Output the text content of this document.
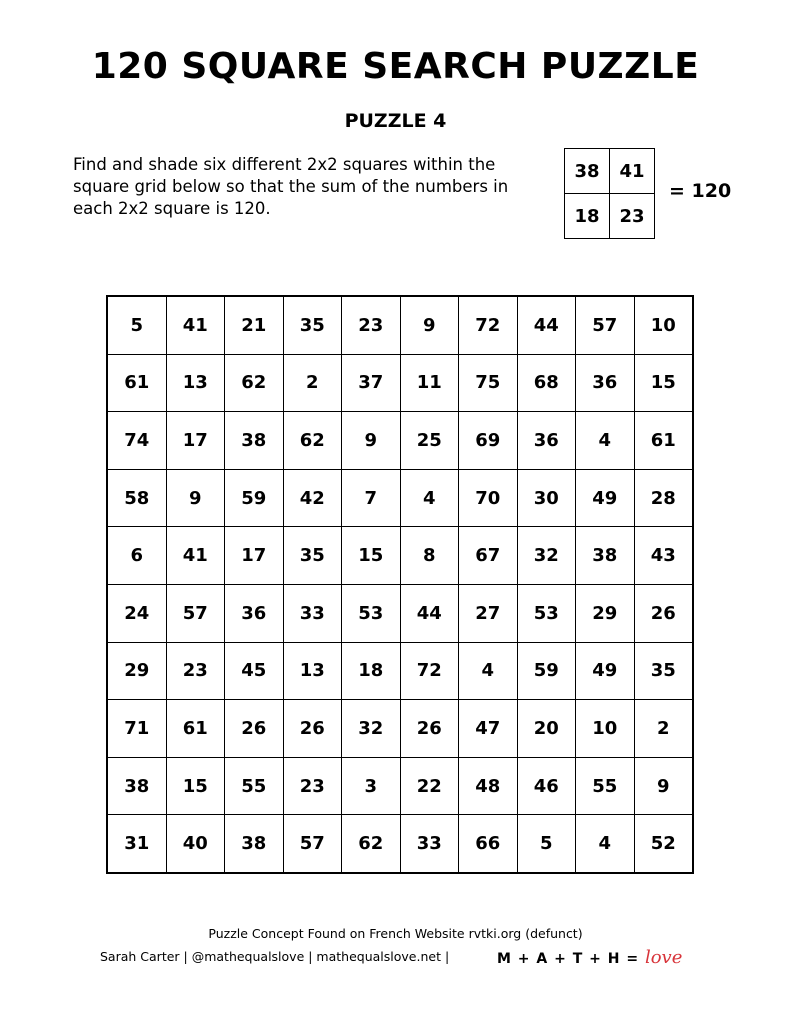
120 SQUARE SEARCH PUZZLE
PUZZLE 4
Find and shade six different 2x2 squares within the square grid below so that the sum of the numbers in each 2x2 square is 120.
38	41
18	23
= 120
5	41	21	35	23	9	72	44	57	10
61	13	62	2	37	11	75	68	36	15
74	17	38	62	9	25	69	36	4	61
58	9	59	42	7	4	70	30	49	28
6	41	17	35	15	8	67	32	38	43
24	57	36	33	53	44	27	53	29	26
29	23	45	13	18	72	4	59	49	35
71	61	26	26	32	26	47	20	10	2
38	15	55	23	3	22	48	46	55	9
31	40	38	57	62	33	66	5	4	52
Puzzle Concept Found on French Website rvtki.org (defunct)
Sarah Carter | @mathequalslove | mathequalslove.net |	M + A + T + H = love
